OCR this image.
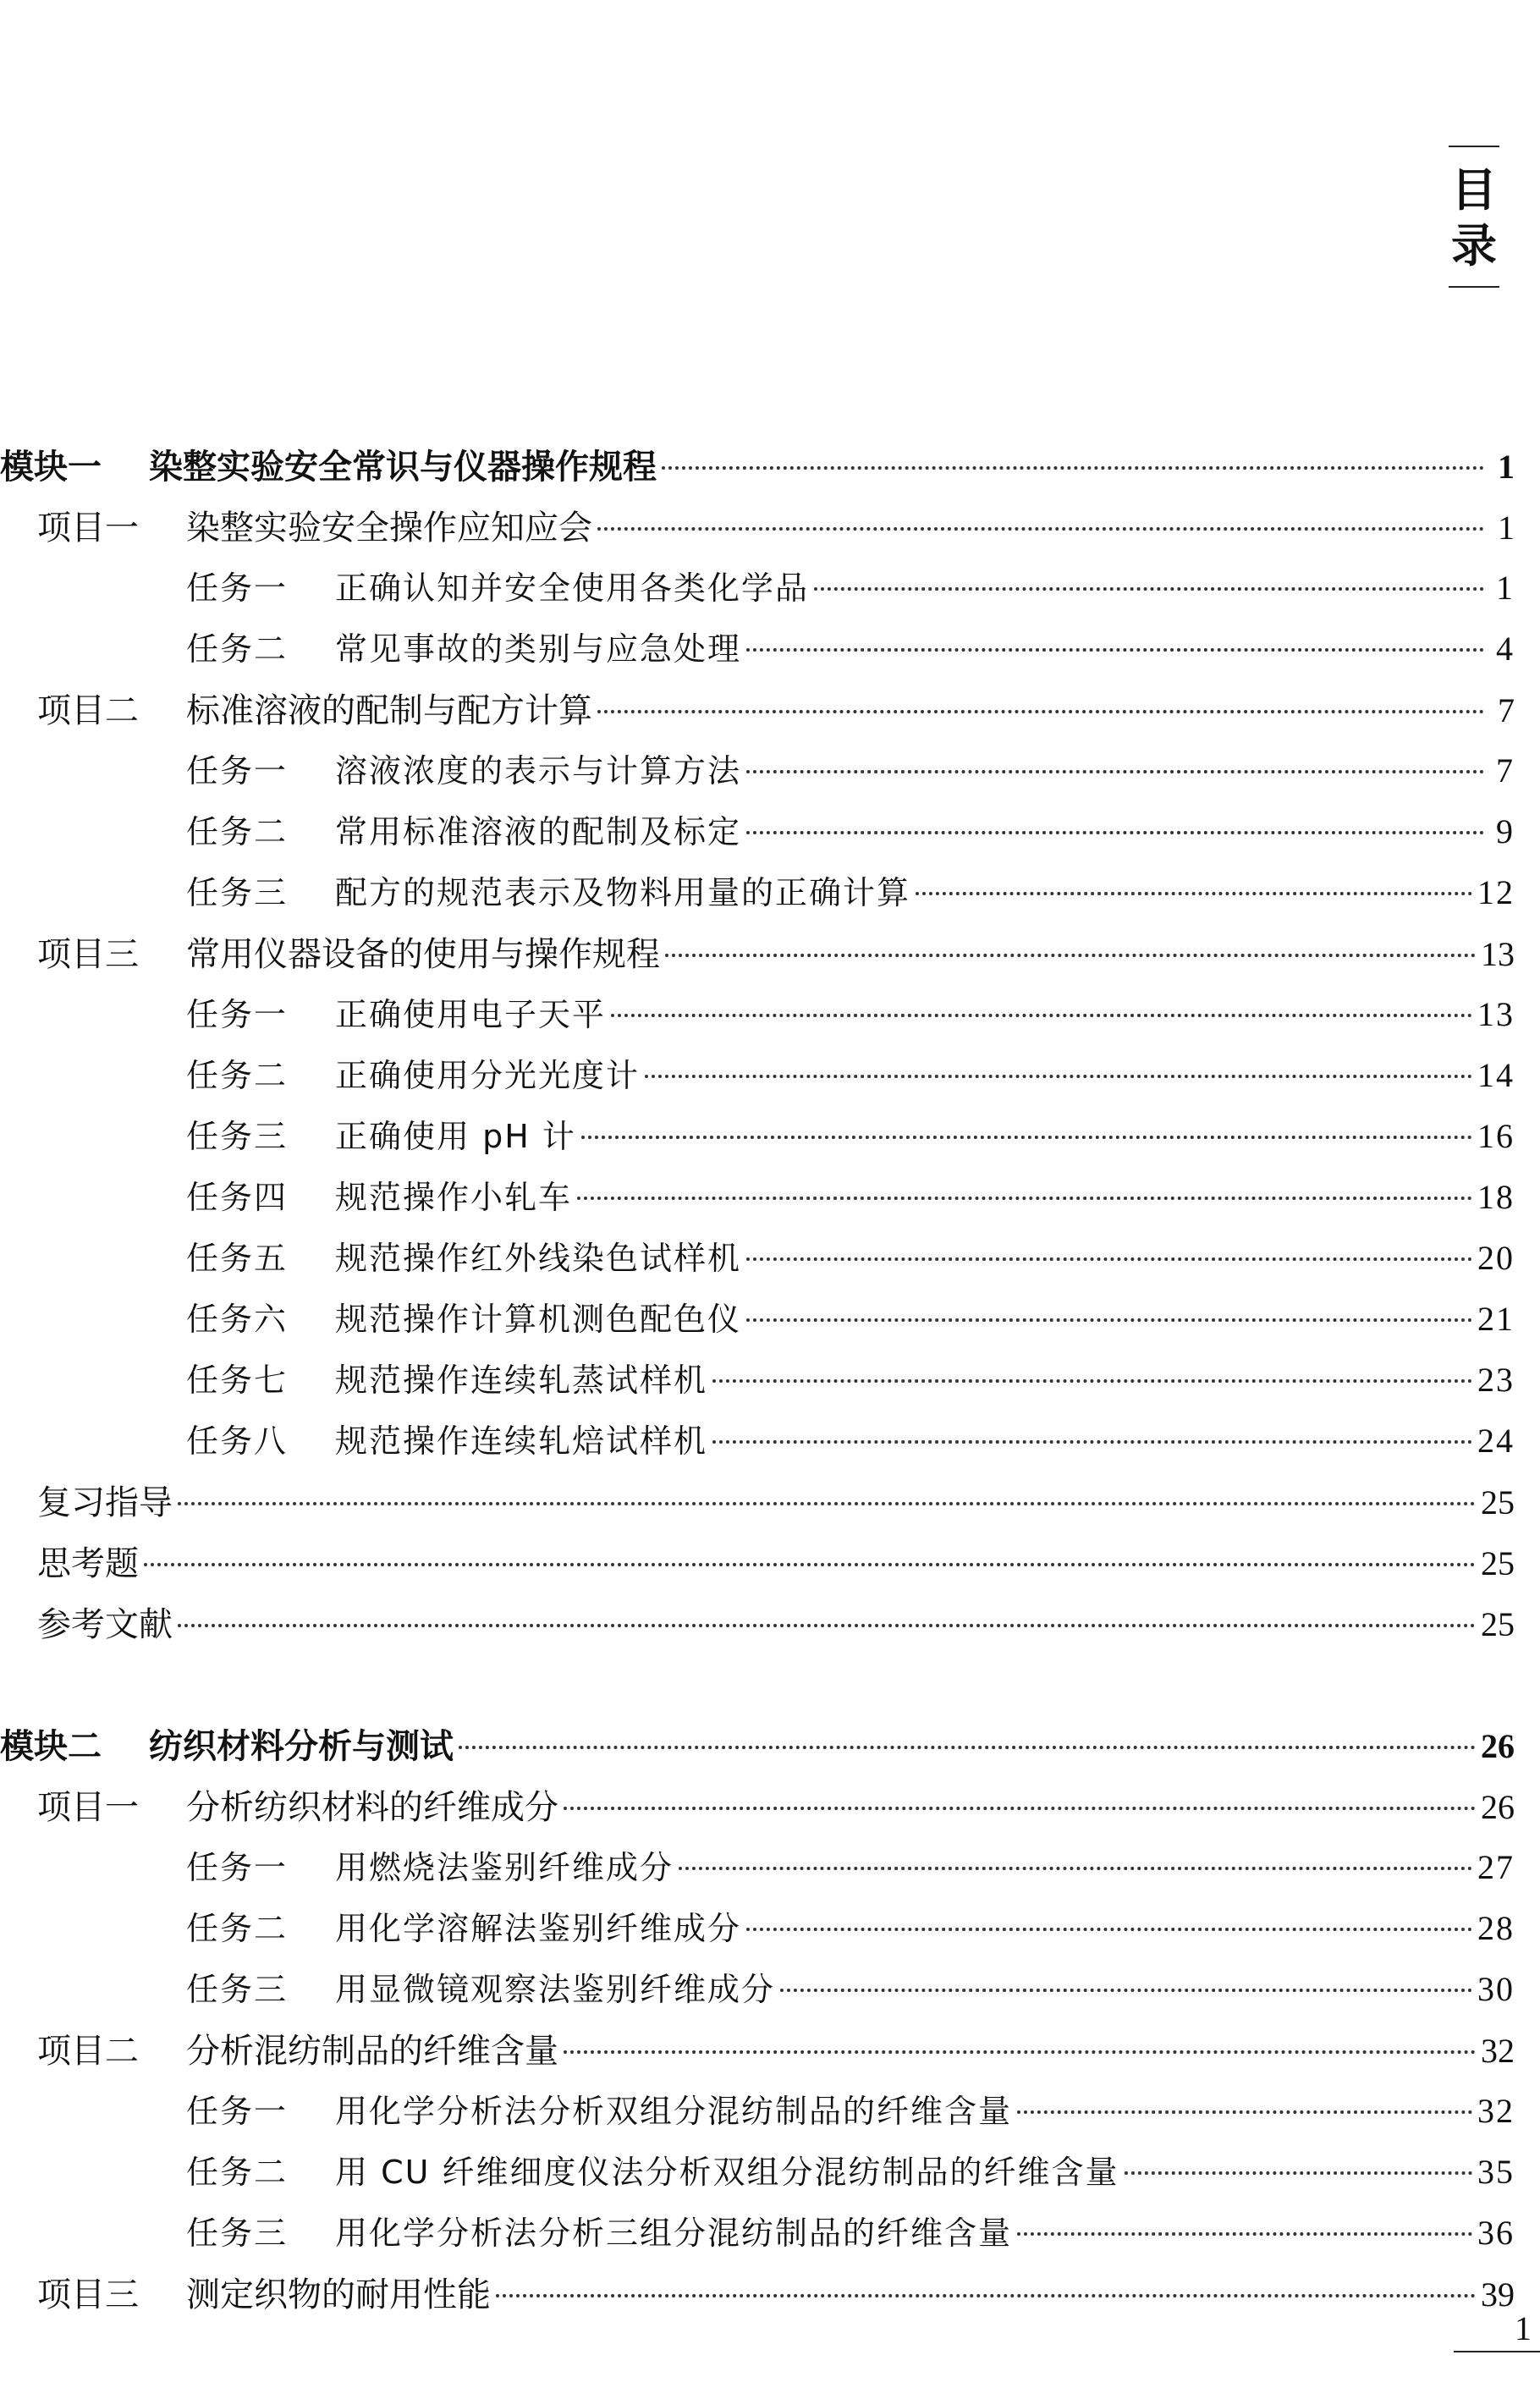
目
录
模块一	染整实验安全常识与仪器操作规程	1
项目一	染整实验安全操作应知应会	1
任务一	正确认知并安全使用各类化学品	1
任务二	常见事故的类别与应急处理	4
项目二	标准溶液的配制与配方计算	7
任务一	溶液浓度的表示与计算方法	7
任务二	常用标准溶液的配制及标定	9
任务三	配方的规范表示及物料用量的正确计算	12
项目三	常用仪器设备的使用与操作规程	13
任务一	正确使用电子天平	13
任务二	正确使用分光光度计	14
任务三	正确使用 pH 计	16
任务四	规范操作小轧车	18
任务五	规范操作红外线染色试样机	20
任务六	规范操作计算机测色配色仪	21
任务七	规范操作连续轧蒸试样机	23
任务八	规范操作连续轧焙试样机	24
复习指导	25
思考题	25
参考文献	25
模块二	纺织材料分析与测试	26
项目一	分析纺织材料的纤维成分	26
任务一	用燃烧法鉴别纤维成分	27
任务二	用化学溶解法鉴别纤维成分	28
任务三	用显微镜观察法鉴别纤维成分	30
项目二	分析混纺制品的纤维含量	32
任务一	用化学分析法分析双组分混纺制品的纤维含量	32
任务二	用 CU 纤维细度仪法分析双组分混纺制品的纤维含量	35
任务三	用化学分析法分析三组分混纺制品的纤维含量	36
项目三	测定织物的耐用性能	39
1
